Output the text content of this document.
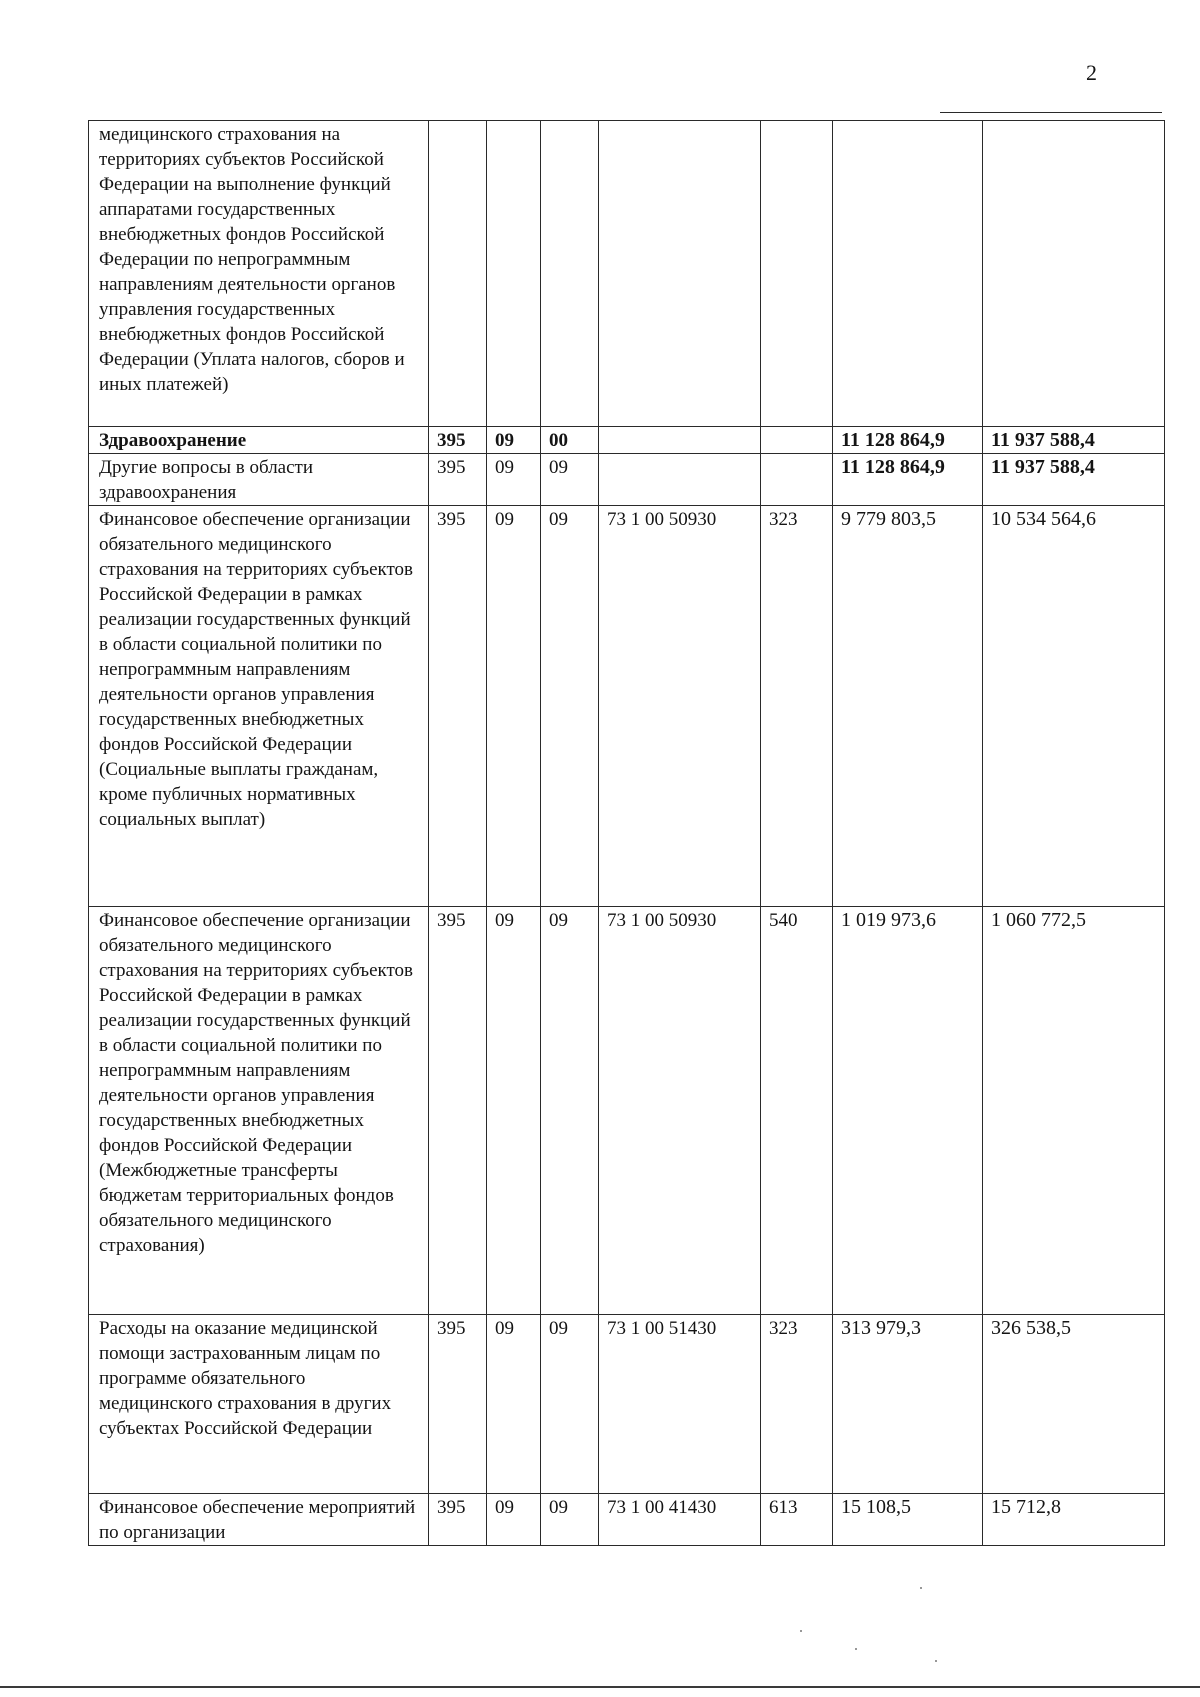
2
медицинского страхования на территориях субъектов Российской Федерации на выполнение функций аппаратами государственных внебюджетных фондов Российской Федерации по непрограммным направлениям деятельности органов управления государственных внебюджетных фондов Российской Федерации (Уплата налогов, сборов и иных платежей)							
Здравоохранение	395	09	00			11 128 864,9	11 937 588,4
Другие вопросы в области здравоохранения	395	09	09			11 128 864,9	11 937 588,4
Финансовое обеспечение организации обязательного медицинского страхования на территориях субъектов Российской Федерации в рамках реализации государственных функций в области социальной политики по непрограммным направлениям деятельности органов управления государственных внебюджетных фондов Российской Федерации (Социальные выплаты гражданам, кроме публичных нормативных социальных выплат)	395	09	09	73 1 00 50930	323	9 779 803,5	10 534 564,6
Финансовое обеспечение организации обязательного медицинского страхования на территориях субъектов Российской Федерации в рамках реализации государственных функций в области социальной политики по непрограммным направлениям деятельности органов управления государственных внебюджетных фондов Российской Федерации (Межбюджетные трансферты бюджетам территориальных фондов обязательного медицинского страхования)	395	09	09	73 1 00 50930	540	1 019 973,6	1 060 772,5
Расходы на оказание медицинской помощи застрахованным лицам по программе обязательного медицинского страхования в других субъектах Российской Федерации	395	09	09	73 1 00 51430	323	313 979,3	326 538,5
Финансовое обеспечение мероприятий по организации	395	09	09	73 1 00 41430	613	15 108,5	15 712,8
